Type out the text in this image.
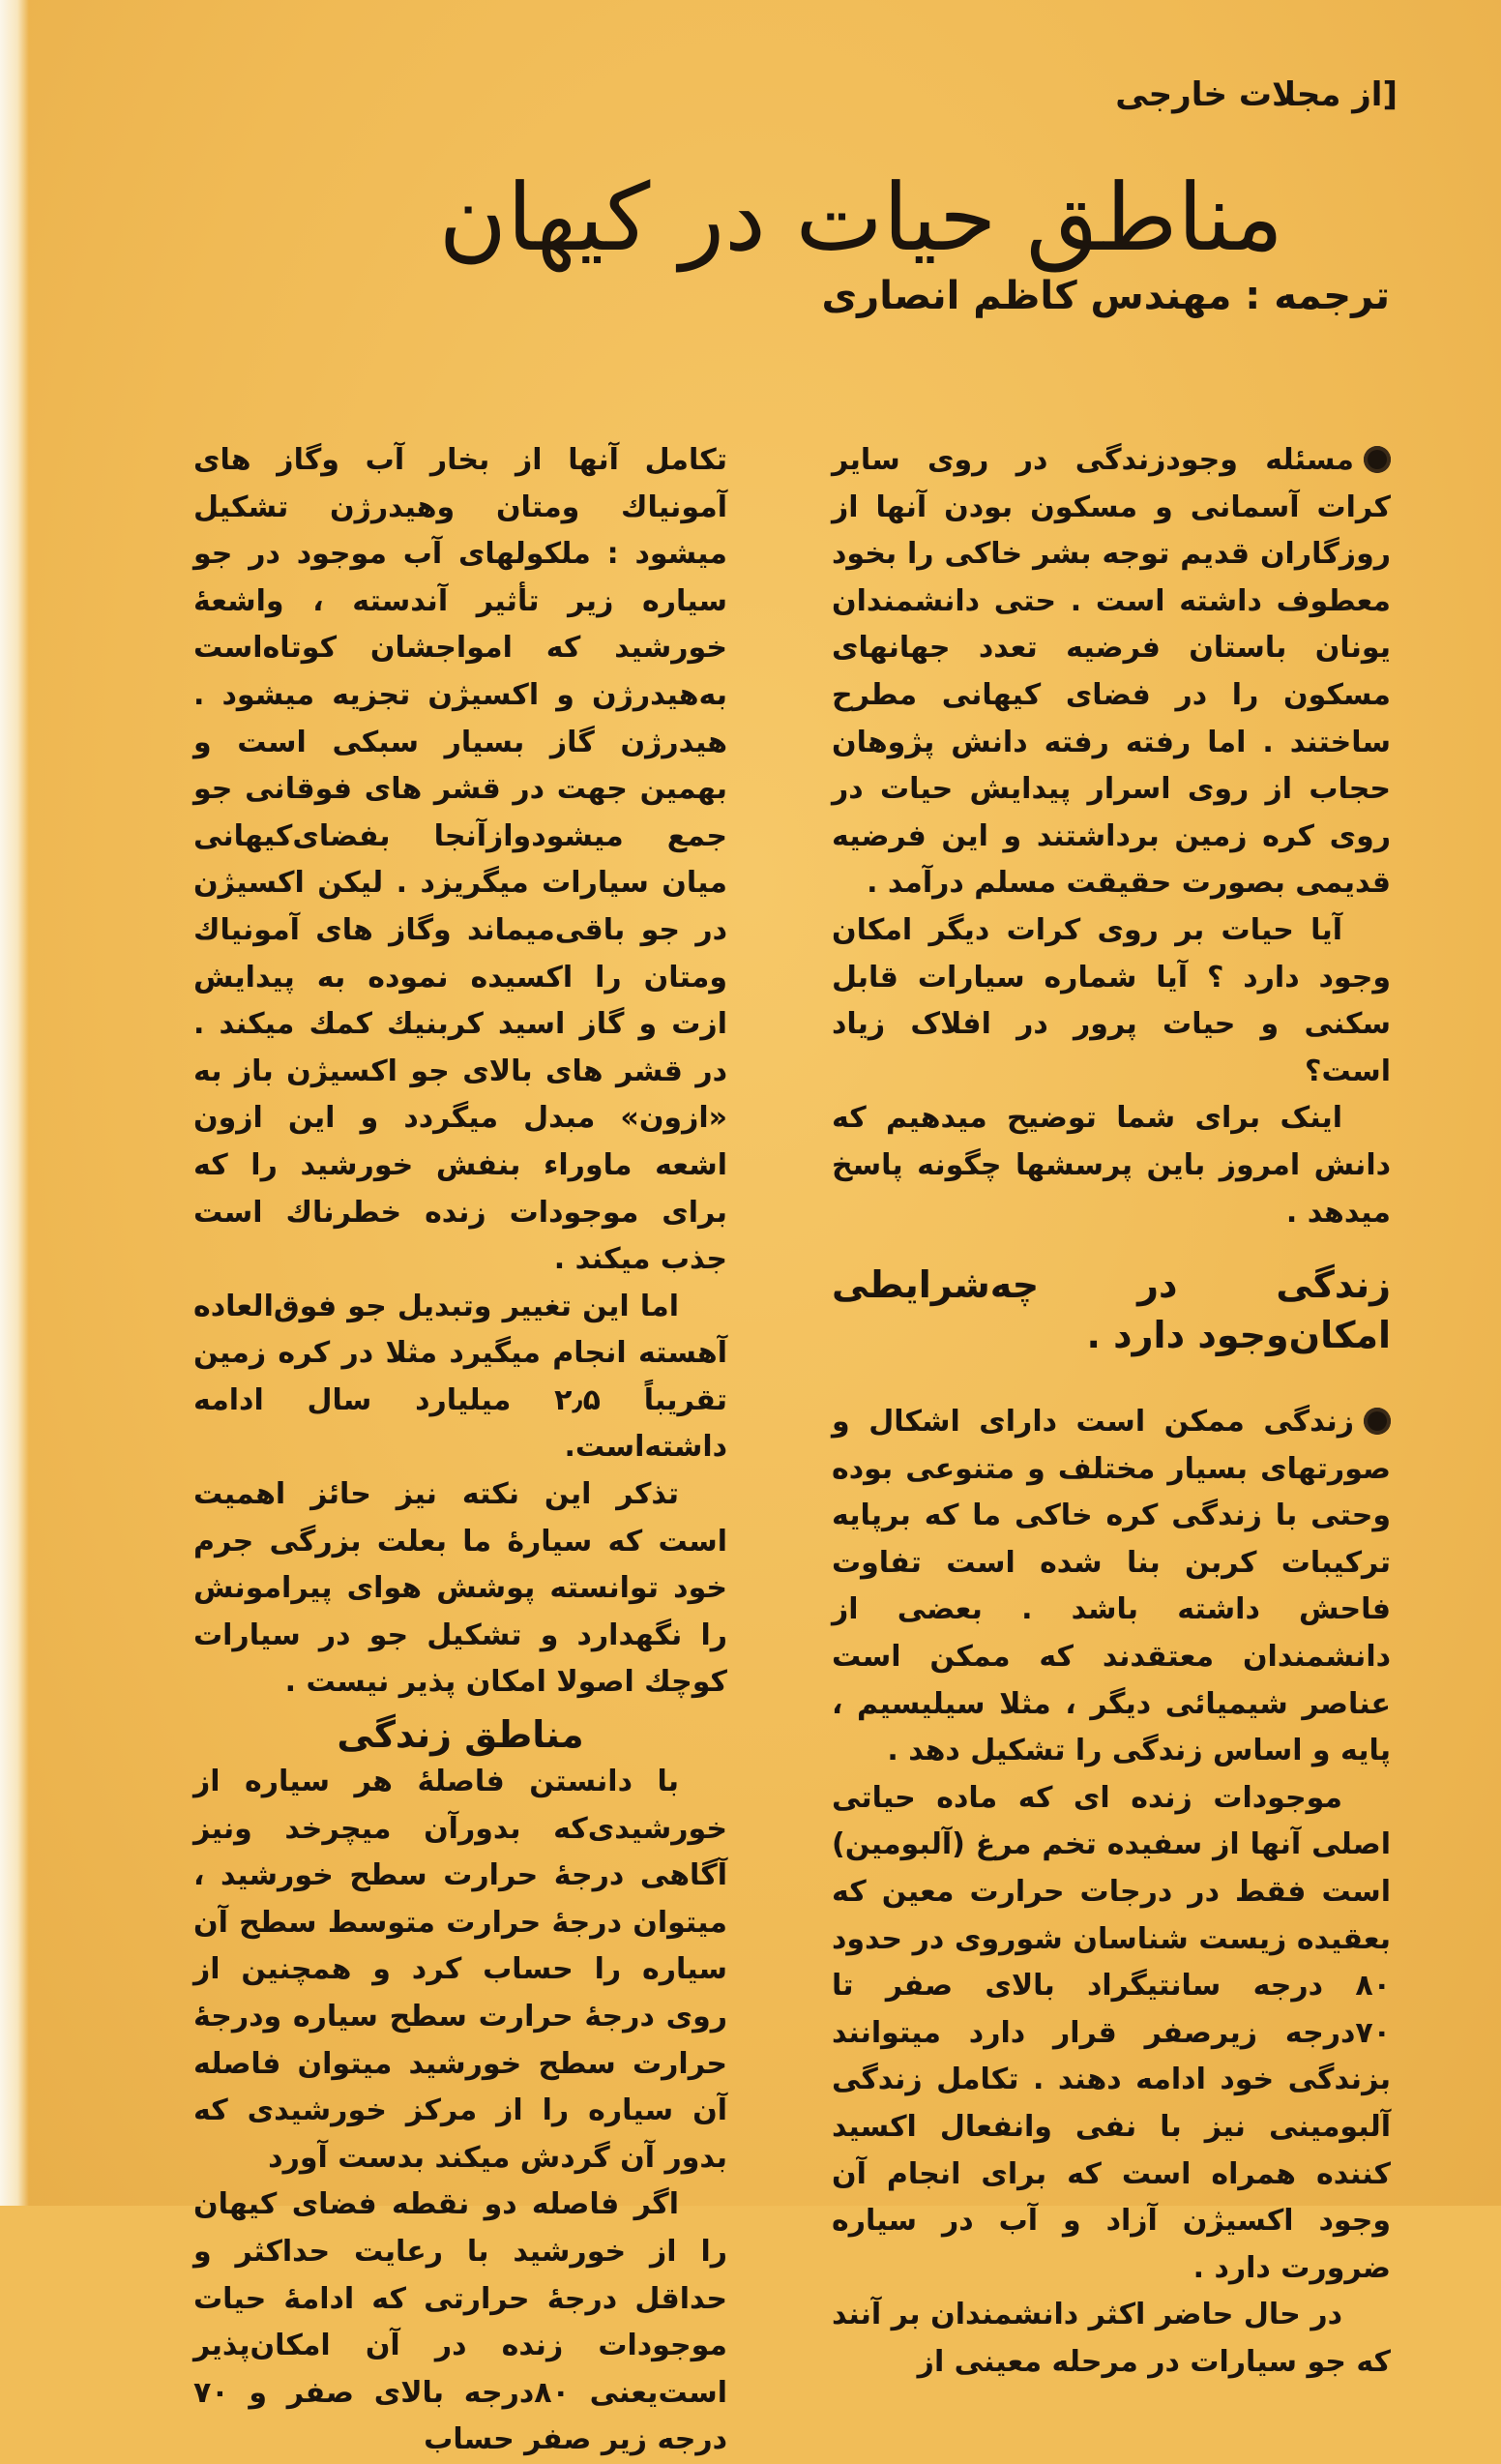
[از مجلات خارجی
مناطق حیات در کیهان
ترجمه : مهندس کاظم انصاری

مسئله وجودزندگی در روی سایر کرات آسمانی و مسکون بودن آنها از روزگاران قدیم توجه بشر خاکی را بخود معطوف داشته است . حتی دانشمندان یونان باستان فرضیه تعدد جهانهای مسکون را در فضای کیهانی مطرح ساختند . اما رفته رفته دانش پژوهان حجاب از روی اسرار پیدایش حیات در روی کره زمین برداشتند و این فرضیه قدیمی بصورت حقیقت مسلم درآمد .

آیا حیات بر روی کرات دیگر امکان وجود دارد ؟ آیا شماره سیارات قابل سکنی و حیات پرور در افلاک زیاد است؟

اینک برای شما توضیح میدهیم که دانش امروز باین پرسشها چگونه پاسخ میدهد .

زندگی در چه‌شرایطی امکان‌وجود دارد .

زندگی ممکن است دارای اشکال و صورتهای بسیار مختلف و متنوعی بوده وحتی با زندگی کره خاکی ما که برپایه ترکیبات کربن بنا شده است تفاوت فاحش داشته باشد . بعضی از دانشمندان معتقدند که ممکن است عناصر شیمیائی دیگر ، مثلا سیلیسیم ، پایه و اساس زندگی را تشکیل دهد .

موجودات زنده ای که ماده حیاتی اصلی آنها از سفیده تخم مرغ (آلبومین) است فقط در درجات حرارت معین که بعقیده زیست شناسان شوروی در حدود ۸۰ درجه سانتیگراد بالای صفر تا ۷۰درجه زیرصفر قرار دارد میتوانند بزندگی خود ادامه دهند . تکامل زندگی آلبومینی نیز با نفی وانفعال اکسید کننده همراه است که برای انجام آن وجود اکسیژن آزاد و آب در سیاره ضرورت دارد .

در حال حاضر اکثر دانشمندان بر آنند که جو سیارات در مرحله معینی از

تکامل آنها از بخار آب وگاز های آمونیاك ومتان وهیدرژن تشکیل میشود : ملکولهای آب موجود در جو سیاره زیر تأثیر آندسته ، واشعهٔ خورشید که امواجشان کوتاه‌است به‌هیدرژن و اکسیژن تجزیه میشود . هیدرژن گاز بسیار سبکی است و بهمین جهت در قشر های فوقانی جو جمع میشودوازآنجا بفضای‌کیهانی میان سیارات میگریزد . لیکن اکسیژن در جو باقی‌میماند وگاز های آمونیاك ومتان را اکسیده نموده به پیدایش ازت و گاز اسید کربنیك کمك میکند . در قشر های بالای جو اکسیژن باز به «ازون» مبدل میگردد و این ازون اشعه ماوراء بنفش خورشید را که برای موجودات زنده خطرناك است جذب میکند .

اما این تغییر وتبدیل جو فوق‌العاده آهسته انجام میگیرد مثلا در کره زمین تقریباً ۲٫۵ میلیارد سال ادامه داشته‌است.

تذکر این نکته نیز حائز اهمیت است که سیارهٔ ما بعلت بزرگی جرم خود توانسته پوشش هوای پیرامونش را نگهدارد و تشکیل جو در سیارات کوچك اصولا امکان پذیر نیست .

مناطق زندگی

با دانستن فاصلهٔ هر سیاره از خورشیدی‌که بدورآن میچرخد ونیز آگاهی درجهٔ حرارت سطح خورشید ، میتوان درجهٔ حرارت متوسط سطح آن سیاره را حساب کرد و همچنین از روی درجهٔ حرارت سطح سیاره ودرجهٔ حرارت سطح خورشید میتوان فاصله آن سیاره را از مرکز خورشیدی که بدور آن گردش میکند بدست آورد

اگر فاصله دو نقطه فضای کیهان را از خورشید با رعایت حداکثر و حداقل درجهٔ حرارتی که ادامهٔ حیات موجودات زنده در آن امکان‌پذیر است‌یعنی ۸۰درجه بالای صفر و ۷۰ درجه زیر صفر حساب
